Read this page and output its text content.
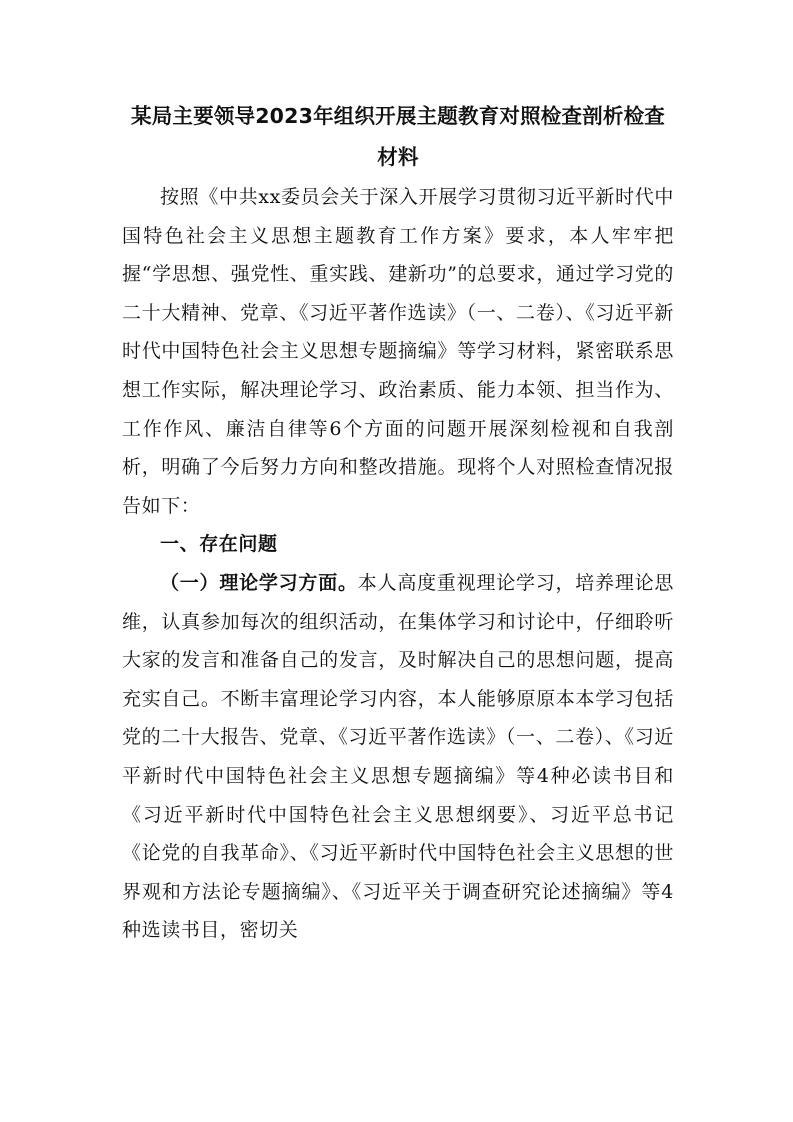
某局主要领导2023年组织开展主题教育对照检查剖析检查材料

按照《中共xx委员会关于深入开展学习贯彻习近平新时代中国特色社会主义思想主题教育工作方案》要求，本人牢牢把握“学思想、强党性、重实践、建新功”的总要求，通过学习党的二十大精神、党章、《习近平著作选读》（一、二卷）、《习近平新时代中国特色社会主义思想专题摘编》等学习材料，紧密联系思想工作实际，解决理论学习、政治素质、能力本领、担当作为、工作作风、廉洁自律等6个方面的问题开展深刻检视和自我剖析，明确了今后努力方向和整改措施。现将个人对照检查情况报告如下：

一、存在问题

（一）理论学习方面。本人高度重视理论学习，培养理论思维，认真参加每次的组织活动，在集体学习和讨论中，仔细聆听大家的发言和准备自己的发言，及时解决自己的思想问题，提高充实自己。不断丰富理论学习内容，本人能够原原本本学习包括党的二十大报告、党章、《习近平著作选读》（一、二卷）、《习近平新时代中国特色社会主义思想专题摘编》等4种必读书目和《习近平新时代中国特色社会主义思想纲要》、习近平总书记《论党的自我革命》、《习近平新时代中国特色社会主义思想的世界观和方法论专题摘编》、《习近平关于调查研究论述摘编》等4种选读书目，密切关
